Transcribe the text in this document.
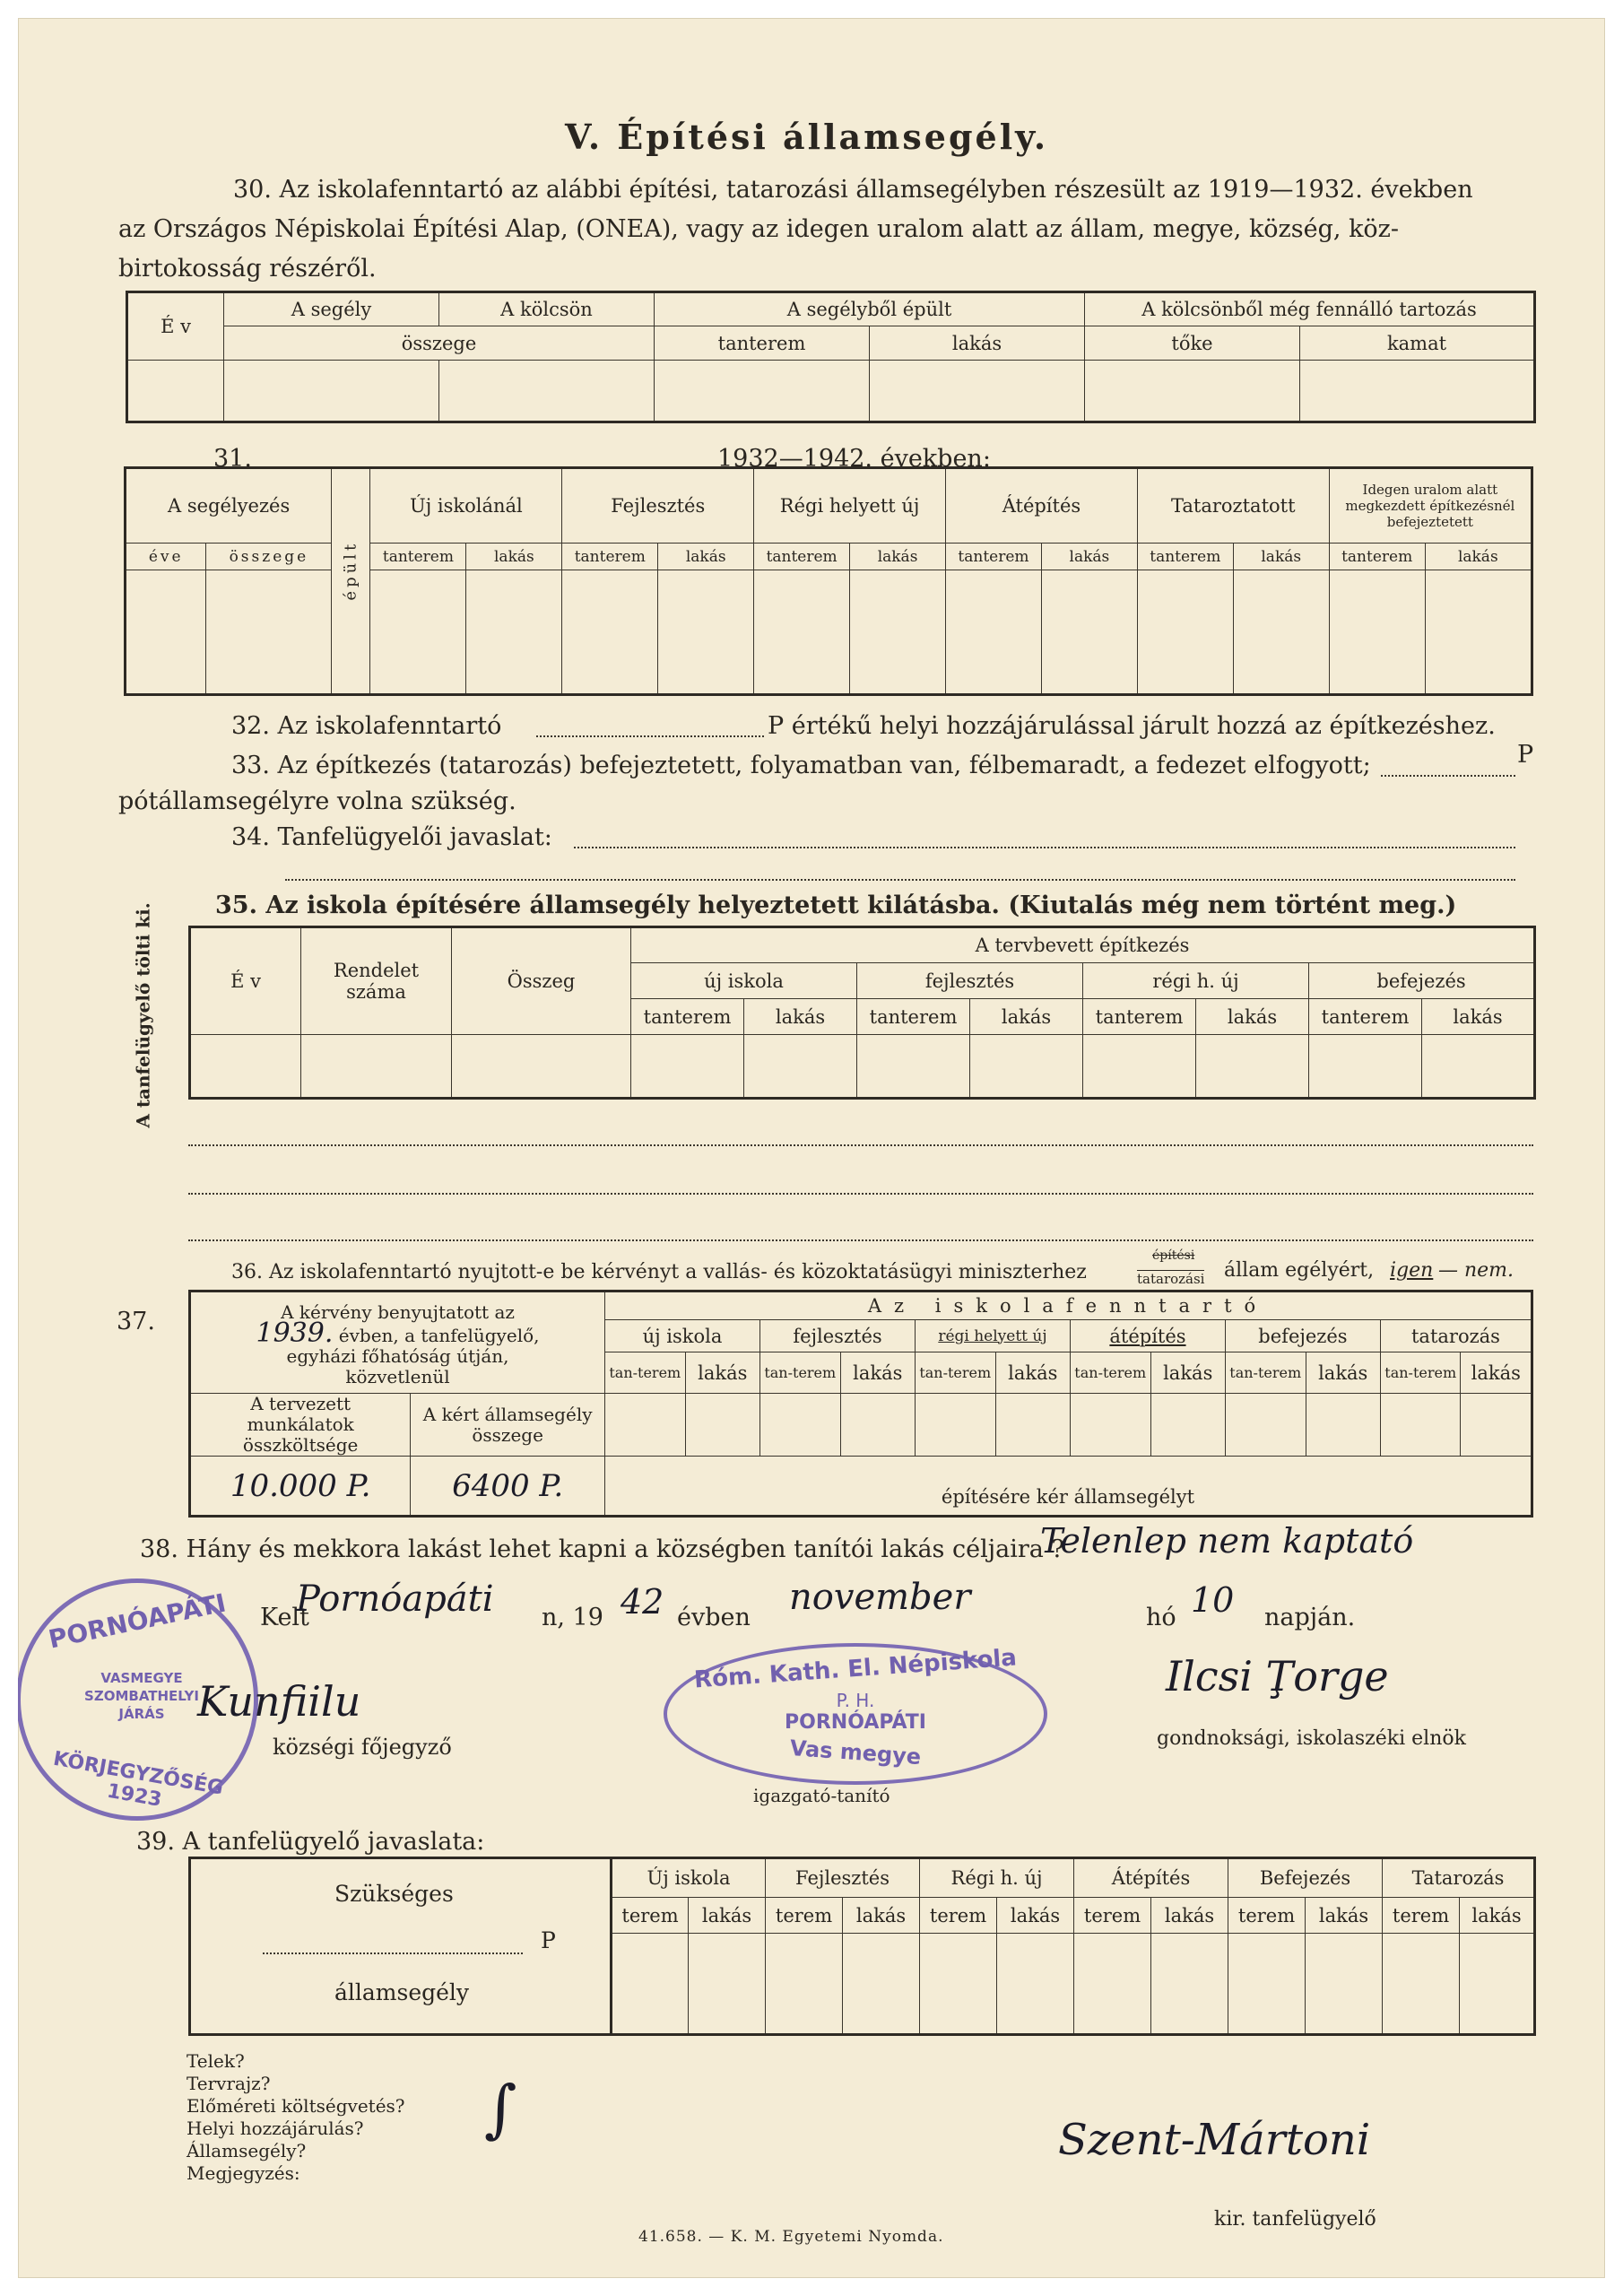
V. Építési államsegély.
30. Az iskolafenntartó az alábbi építési, tatarozási államsegélyben részesült az 1919—1932. években
az Országos Népiskolai Építési Alap, (ONEA), vagy az idegen uralom alatt az állam, megye, község, köz-
birtokosság részéről.
É v	A segély	A kölcsön	A segélyből épült		A kölcsönből még fennálló tartozás	
	összege		tanterem	lakás	tőke	kamat

31.	1932—1942. években:
A segélyezés		épült	Új iskolánál		Fejlesztés		Régi helyett új		Átépítés		Tataroztatott		Idegen uralom alatt megkezdett építkezésnél befejeztetett	
éve	összege		tanterem	lakás	tanterem	lakás	tanterem	lakás	tanterem	lakás	tanterem	lakás	tanterem	lakás

32. Az iskolafenntartó	P értékű helyi hozzájárulással járult hozzá az építkezéshez.
33. Az építkezés (tatarozás) befejeztetett, folyamatban van, félbemaradt, a fedezet elfogyott;	P
pótállamsegélyre volna szükség.
34. Tanfelügyelői javaslat:
35. Az iskola építésére államsegély helyeztetett kilátásba. (Kiutalás még nem történt meg.)
A tanfelügyelő tölti ki.	É v	Rendelet száma	Összeg	A tervbevett építkezés							
			új iskola		fejlesztés		régi h. új		befejezés	
			tanterem	lakás	tanterem	lakás	tanterem	lakás	tanterem	lakás

36. Az iskolafenntartó nyujtott-e be kérvényt a vallás- és közoktatásügyi miniszterhez
építési
tatarozási állam egélyért, igen — nem.
37.	A kérvény benyujtatott az
1939. évben, a tanfelügyelő,
egyházi főhatóság útján,
közvetlenül		Az iskolafenntartó											
		új iskola		fejlesztés		régi helyett új		átépítés		befejezés		tatarozás	
		tan-terem	lakás	tan-terem	lakás	tan-terem	lakás	tan-terem	lakás	tan-terem	lakás	tan-terem	lakás
A tervezett munkálatok összköltsége	A kért államsegély összege												
10.000 P.	6400 P.	építésére kér államsegélyt											
38. Hány és mekkora lakást lehet kapni a községben tanítói lakás céljaira ?
Telenlep nem kaptató
Kelt
Pornóapáti n, 19 42 évben november	hó 10 napján.
PORNÓAPÁTI
VASMEGYE SZOMBATHELYI JÁRÁS
KÖRJEGYZŐSÉG 1923
Kunfiilu
községi főjegyző
Róm. Kath. El. Népiskola
P. H.
PORNÓAPÁTI
Vas megye
igazgató-tanító
Ilcsi Ţorge
gondnoksági, iskolaszéki elnök
39. A tanfelügyelő javaslata:
Szükséges
P
államsegély	Új iskola		Fejlesztés		Régi h. új		Átépítés		Befejezés		Tatarozás	
	terem	lakás	terem	lakás	terem	lakás	terem	lakás	terem	lakás	terem	lakás

Telek?
Tervrajz?
Előméreti költségvetés?
Helyi hozzájárulás?
Államsegély?
Megjegyzés:
∫	Szent-Mártoni
kir. tanfelügyelő
41.658. — K. M. Egyetemi Nyomda.
